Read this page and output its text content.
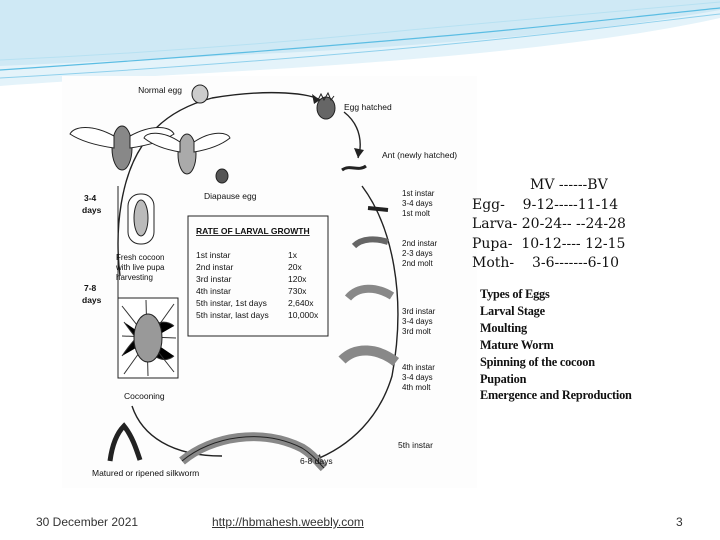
Normal egg
Egg hatched
Ant (newly hatched)
Diapause egg
3-4
days
7-8
days
Fresh cocoon
with live pupa
harvesting
Cocooning
Matured or ripened silkworm
6-8 days
5th instar
1st instar
3-4 days
1st molt
2nd instar
2-3 days
2nd molt
3rd instar
3-4 days
3rd molt
4th instar
3-4 days
4th molt
RATE OF LARVAL GROWTH
1st instar	1x
2nd instar	20x
3rd instar	120x
4th instar	730x
5th instar, 1st days 2,640x
5th instar, last days 10,000x
MV ------BV
Egg-    9-12-----11-14
Larva- 20-24-- --24-28
Pupa-  10-12---- 12-15
Moth-    3-6-------6-10
Types of Eggs
Larval Stage
Moulting
Mature Worm
Spinning of the cocoon
Pupation
Emergence and Reproduction
30 December 2021	http://hbmahesh.weebly.com	3
